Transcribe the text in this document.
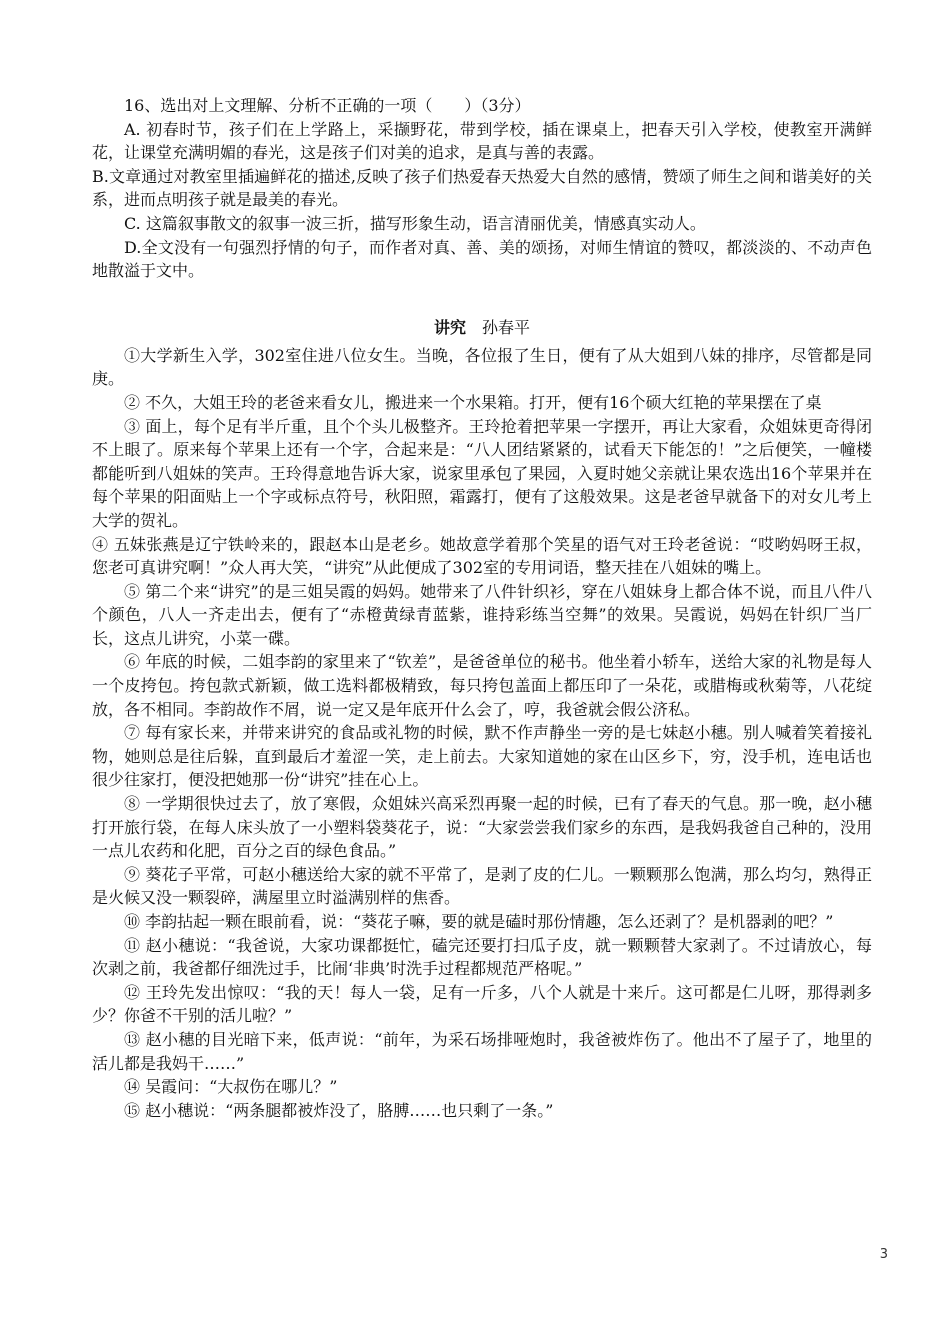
16、选出对上文理解、分析不正确的一项（　　）（3分）

A. 初春时节，孩子们在上学路上，采撷野花，带到学校，插在课桌上，把春天引入学校，使教室开满鲜花，让课堂充满明媚的春光，这是孩子们对美的追求，是真与善的表露。

B.文章通过对教室里插遍鲜花的描述,反映了孩子们热爱春天热爱大自然的感情，赞颂了师生之间和谐美好的关系，进而点明孩子就是最美的春光。

C. 这篇叙事散文的叙事一波三折，描写形象生动，语言清丽优美，情感真实动人。

D.全文没有一句强烈抒情的句子，而作者对真、善、美的颂扬，对师生情谊的赞叹，都淡淡的、不动声色地散溢于文中。

讲究 孙春平

①大学新生入学，302室住进八位女生。当晚，各位报了生日，便有了从大姐到八妹的排序，尽管都是同庚。

② 不久，大姐王玲的老爸来看女儿，搬进来一个水果箱。打开，便有16个硕大红艳的苹果摆在了桌

③ 面上，每个足有半斤重，且个个头儿极整齐。王玲抢着把苹果一字摆开，再让大家看，众姐妹更奇得闭不上眼了。原来每个苹果上还有一个字，合起来是：“八人团结紧紧的，试看天下能怎的！”之后便笑，一幢楼都能听到八姐妹的笑声。王玲得意地告诉大家，说家里承包了果园，入夏时她父亲就让果农选出16个苹果并在每个苹果的阳面贴上一个字或标点符号，秋阳照，霜露打，便有了这般效果。这是老爸早就备下的对女儿考上大学的贺礼。

④ 五妹张燕是辽宁铁岭来的，跟赵本山是老乡。她故意学着那个笑星的语气对王玲老爸说：“哎哟妈呀王叔，您老可真讲究啊！”众人再大笑，“讲究”从此便成了302室的专用词语，整天挂在八姐妹的嘴上。

⑤ 第二个来“讲究”的是三姐吴霞的妈妈。她带来了八件针织衫，穿在八姐妹身上都合体不说，而且八件八个颜色，八人一齐走出去，便有了“赤橙黄绿青蓝紫，谁持彩练当空舞”的效果。吴霞说，妈妈在针织厂当厂长，这点儿讲究，小菜一碟。

⑥ 年底的时候，二姐李韵的家里来了“钦差”，是爸爸单位的秘书。他坐着小轿车，送给大家的礼物是每人一个皮挎包。挎包款式新颖，做工选料都极精致，每只挎包盖面上都压印了一朵花，或腊梅或秋菊等，八花绽放，各不相同。李韵故作不屑，说一定又是年底开什么会了，哼，我爸就会假公济私。

⑦ 每有家长来，并带来讲究的食品或礼物的时候，默不作声静坐一旁的是七妹赵小穗。别人喊着笑着接礼物，她则总是往后躲，直到最后才羞涩一笑，走上前去。大家知道她的家在山区乡下，穷，没手机，连电话也很少往家打，便没把她那一份“讲究”挂在心上。

⑧ 一学期很快过去了，放了寒假，众姐妹兴高采烈再聚一起的时候，已有了春天的气息。那一晚，赵小穗打开旅行袋，在每人床头放了一小塑料袋葵花子，说：“大家尝尝我们家乡的东西，是我妈我爸自己种的，没用一点儿农药和化肥，百分之百的绿色食品。”

⑨ 葵花子平常，可赵小穗送给大家的就不平常了，是剥了皮的仁儿。一颗颗那么饱满，那么均匀，熟得正是火候又没一颗裂碎，满屋里立时溢满别样的焦香。

⑩ 李韵拈起一颗在眼前看，说：“葵花子嘛，要的就是磕时那份情趣，怎么还剥了？是机器剥的吧？”

⑪ 赵小穗说：“我爸说，大家功课都挺忙，磕完还要打扫瓜子皮，就一颗颗替大家剥了。不过请放心，每次剥之前，我爸都仔细洗过手，比闹‘非典’时洗手过程都规范严格呢。”

⑫ 王玲先发出惊叹：“我的天！每人一袋，足有一斤多，八个人就是十来斤。这可都是仁儿呀，那得剥多少？你爸不干别的活儿啦？”

⑬ 赵小穗的目光暗下来，低声说：“前年，为采石场排哑炮时，我爸被炸伤了。他出不了屋子了，地里的活儿都是我妈干……”

⑭ 吴霞问：“大叔伤在哪儿？”

⑮ 赵小穗说：“两条腿都被炸没了，胳膊……也只剩了一条。”

3
